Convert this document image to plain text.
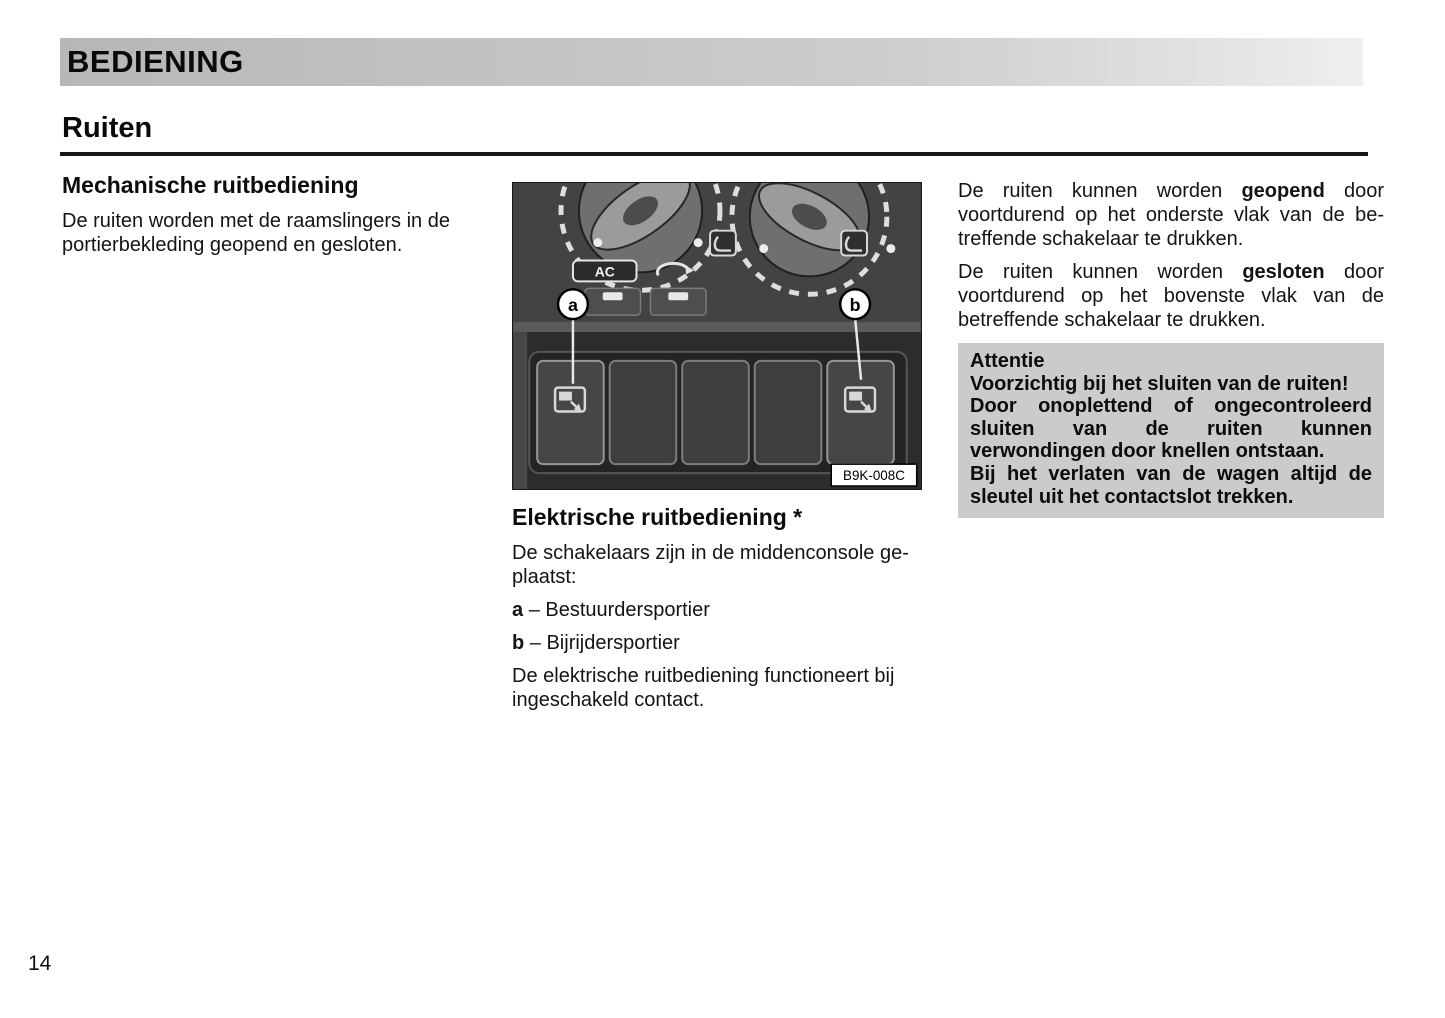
BEDIENING
Ruiten
Mechanische ruitbediening

De ruiten worden met de raamslingers in de portierbekleding geopend en gesloten.

AC
a	b
B9K-008C
Elektrische ruitbediening *

De schakelaars zijn in de middenconsole geplaatst:

a – Bestuurdersportier

b – Bijrijdersportier

De elektrische ruitbediening functioneert bij ingeschakeld contact.

De ruiten kunnen worden geopend door voortdurend op het onderste vlak van de betreffende schakelaar te drukken.

De ruiten kunnen worden gesloten door voortdurend op het bovenste vlak van de betreffende schakelaar te drukken.

Attentie

Voorzichtig bij het sluiten van de ruiten!

Door onoplettend of ongecontroleerd sluiten van de ruiten kunnen verwondingen door knellen ontstaan.

Bij het verlaten van de wagen altijd de sleutel uit het contactslot trekken.

14
